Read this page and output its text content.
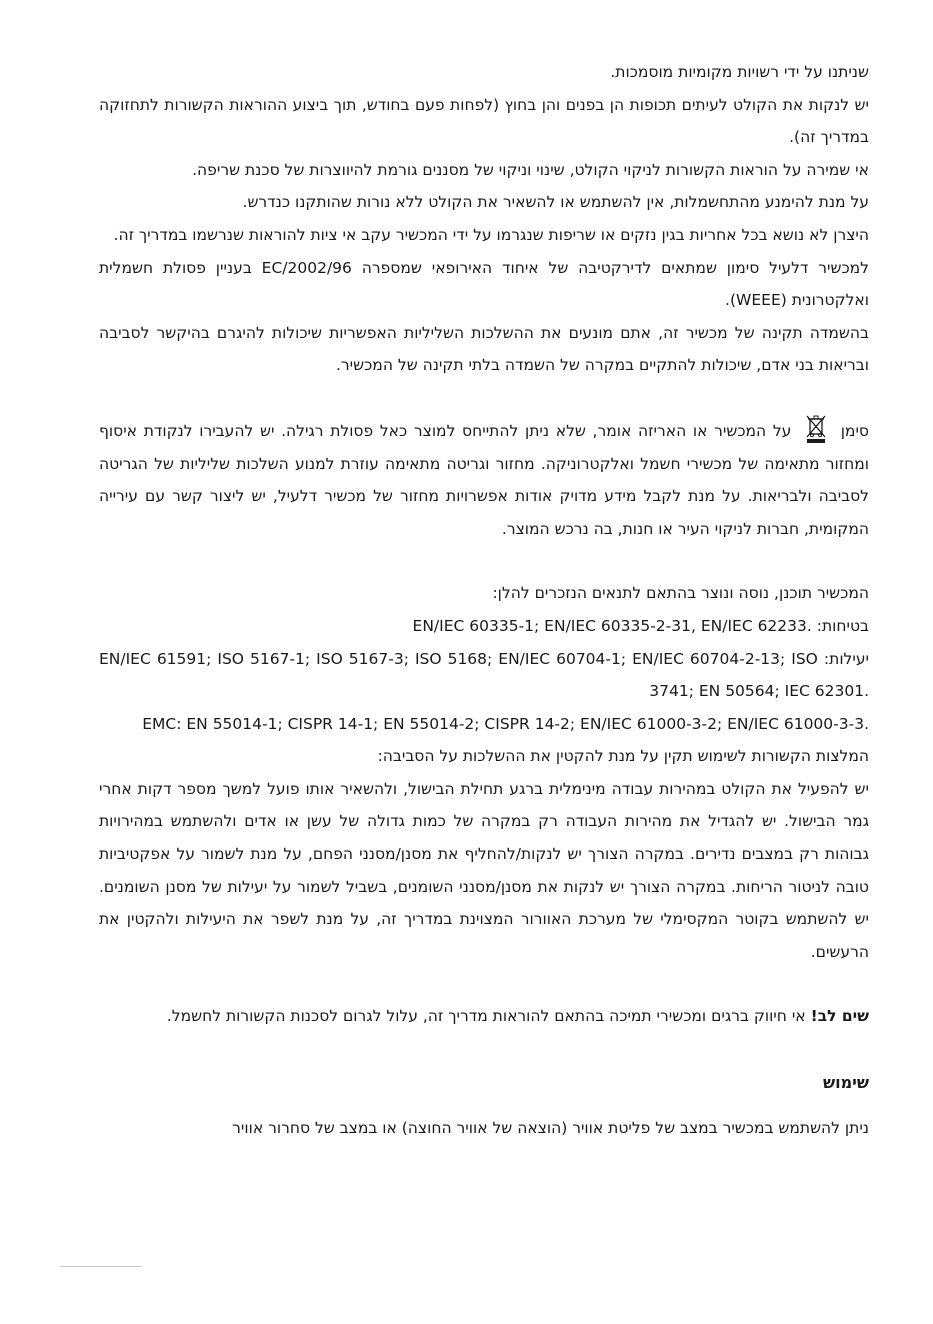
שניתנו על ידי רשויות מקומיות מוסמכות.

יש לנקות את הקולט לעיתים תכופות הן בפנים והן בחוץ (לפחות פעם בחודש, תוך ביצוע ההוראות הקשורות לתחזוקה במדריך זה).

אי שמירה על הוראות הקשורות לניקוי הקולט, שינוי וניקוי של מסננים גורמת להיווצרות של סכנת שריפה.

על מנת להימנע מהתחשמלות, אין להשתמש או להשאיר את הקולט ללא נורות שהותקנו כנדרש.

היצרן לא נושא בכל אחריות בגין נזקים או שריפות שנגרמו על ידי המכשיר עקב אי ציות להוראות שנרשמו במדריך זה.

למכשיר דלעיל סימון שמתאים לדירקטיבה של איחוד האירופאי שמספרה EC/2002/96 בעניין פסולת חשמלית ואלקטרונית (WEEE).

בהשמדה תקינה של מכשיר זה, אתם מונעים את ההשלכות השליליות האפשריות שיכולות להיגרם בהיקשר לסביבה ובריאות בני אדם, שיכולות להתקיים במקרה של השמדה בלתי תקינה של המכשיר.

סימן  על המכשיר או האריזה אומר, שלא ניתן להתייחס למוצר כאל פסולת רגילה. יש להעבירו לנקודת איסוף ומחזור מתאימה של מכשירי חשמל ואלקטרוניקה. מחזור וגריטה מתאימה עוזרת למנוע השלכות שליליות של הגריטה לסביבה ולבריאות. על מנת לקבל מידע מדויק אודות אפשרויות מחזור של מכשיר דלעיל, יש ליצור קשר עם עירייה המקומית, חברות לניקוי העיר או חנות, בה נרכש המוצר.

המכשיר תוכנן, נוסה ונוצר בהתאם לתנאים הנזכרים להלן:

בטיחות: EN/IEC 60335-1; EN/IEC 60335-2-31, EN/IEC 62233.

יעילות: EN/IEC 61591; ISO 5167-1; ISO 5167-3; ISO 5168; EN/IEC 60704-1; EN/IEC 60704-2-13; ISO 3741; EN 50564; IEC 62301.

EMC: EN 55014-1; CISPR 14-1; EN 55014-2; CISPR 14-2; EN/IEC 61000-3-2; EN/IEC 61000-3-3.

המלצות הקשורות לשימוש תקין על מנת להקטין את ההשלכות על הסביבה:

יש להפעיל את הקולט במהירות עבודה מינימלית ברגע תחילת הבישול, ולהשאיר אותו פועל למשך מספר דקות אחרי גמר הבישול. יש להגדיל את מהירות העבודה רק במקרה של כמות גדולה של עשן או אדים ולהשתמש במהירויות גבוהות רק במצבים נדירים. במקרה הצורך יש לנקות/להחליף את מסנן/מסנני הפחם, על מנת לשמור על אפקטיביות טובה לניטור הריחות. במקרה הצורך יש לנקות את מסנן/מסנני השומנים, בשביל לשמור על יעילות של מסנן השומנים. יש להשתמש בקוטר המקסימלי של מערכת האוורור המצוינת במדריך זה, על מנת לשפר את היעילות ולהקטין את הרעשים.

שים לב! אי חיווק ברגים ומכשירי תמיכה בהתאם להוראות מדריך זה, עלול לגרום לסכנות הקשורות לחשמל.

שימוש

ניתן להשתמש במכשיר במצב של פליטת אוויר (הוצאה של אוויר החוצה) או במצב של סחרור אוויר
